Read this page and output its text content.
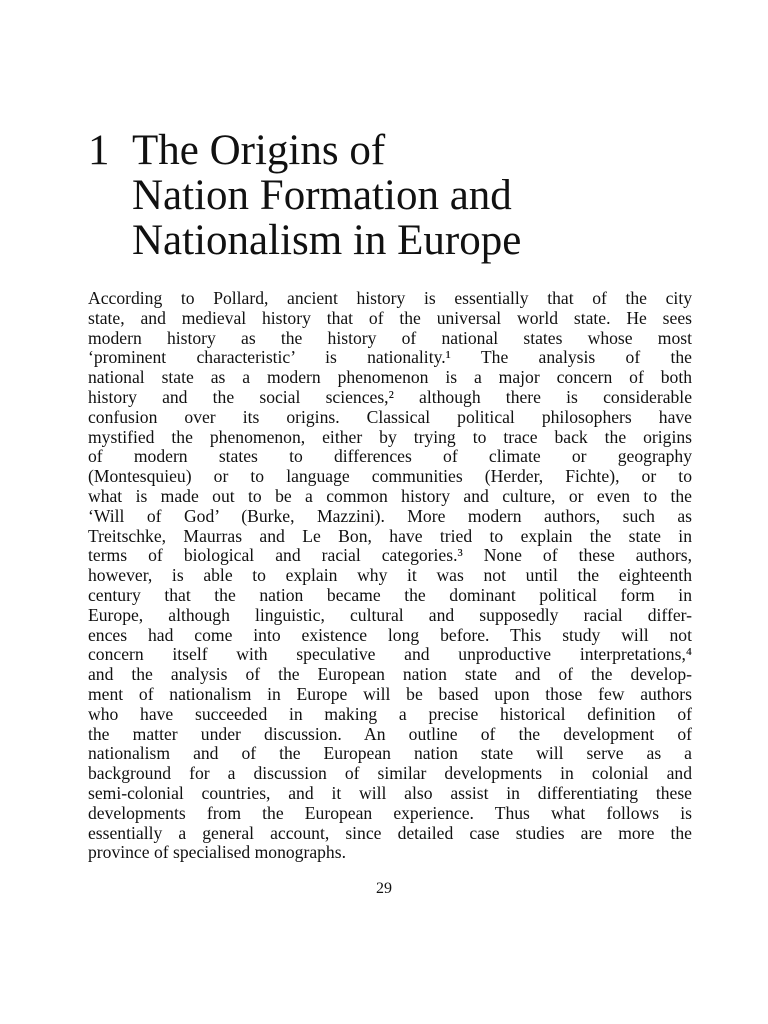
1 The Origins of
Nation Formation and
Nationalism in Europe
According to Pollard, ancient history is essentially that of the city
state, and medieval history that of the universal world state. He sees
modern history as the history of national states whose most
‘prominent characteristic’ is nationality.¹ The analysis of the
national state as a modern phenomenon is a major concern of both
history and the social sciences,² although there is considerable
confusion over its origins. Classical political philosophers have
mystified the phenomenon, either by trying to trace back the origins
of modern states to differences of climate or geography
(Montesquieu) or to language communities (Herder, Fichte), or to
what is made out to be a common history and culture, or even to the
‘Will of God’ (Burke, Mazzini). More modern authors, such as
Treitschke, Maurras and Le Bon, have tried to explain the state in
terms of biological and racial categories.³ None of these authors,
however, is able to explain why it was not until the eighteenth
century that the nation became the dominant political form in
Europe, although linguistic, cultural and supposedly racial differ-
ences had come into existence long before. This study will not
concern itself with speculative and unproductive interpretations,⁴
and the analysis of the European nation state and of the develop-
ment of nationalism in Europe will be based upon those few authors
who have succeeded in making a precise historical definition of
the matter under discussion. An outline of the development of
nationalism and of the European nation state will serve as a
background for a discussion of similar developments in colonial and
semi-colonial countries, and it will also assist in differentiating these
developments from the European experience. Thus what follows is
essentially a general account, since detailed case studies are more the
province of specialised monographs.
29
